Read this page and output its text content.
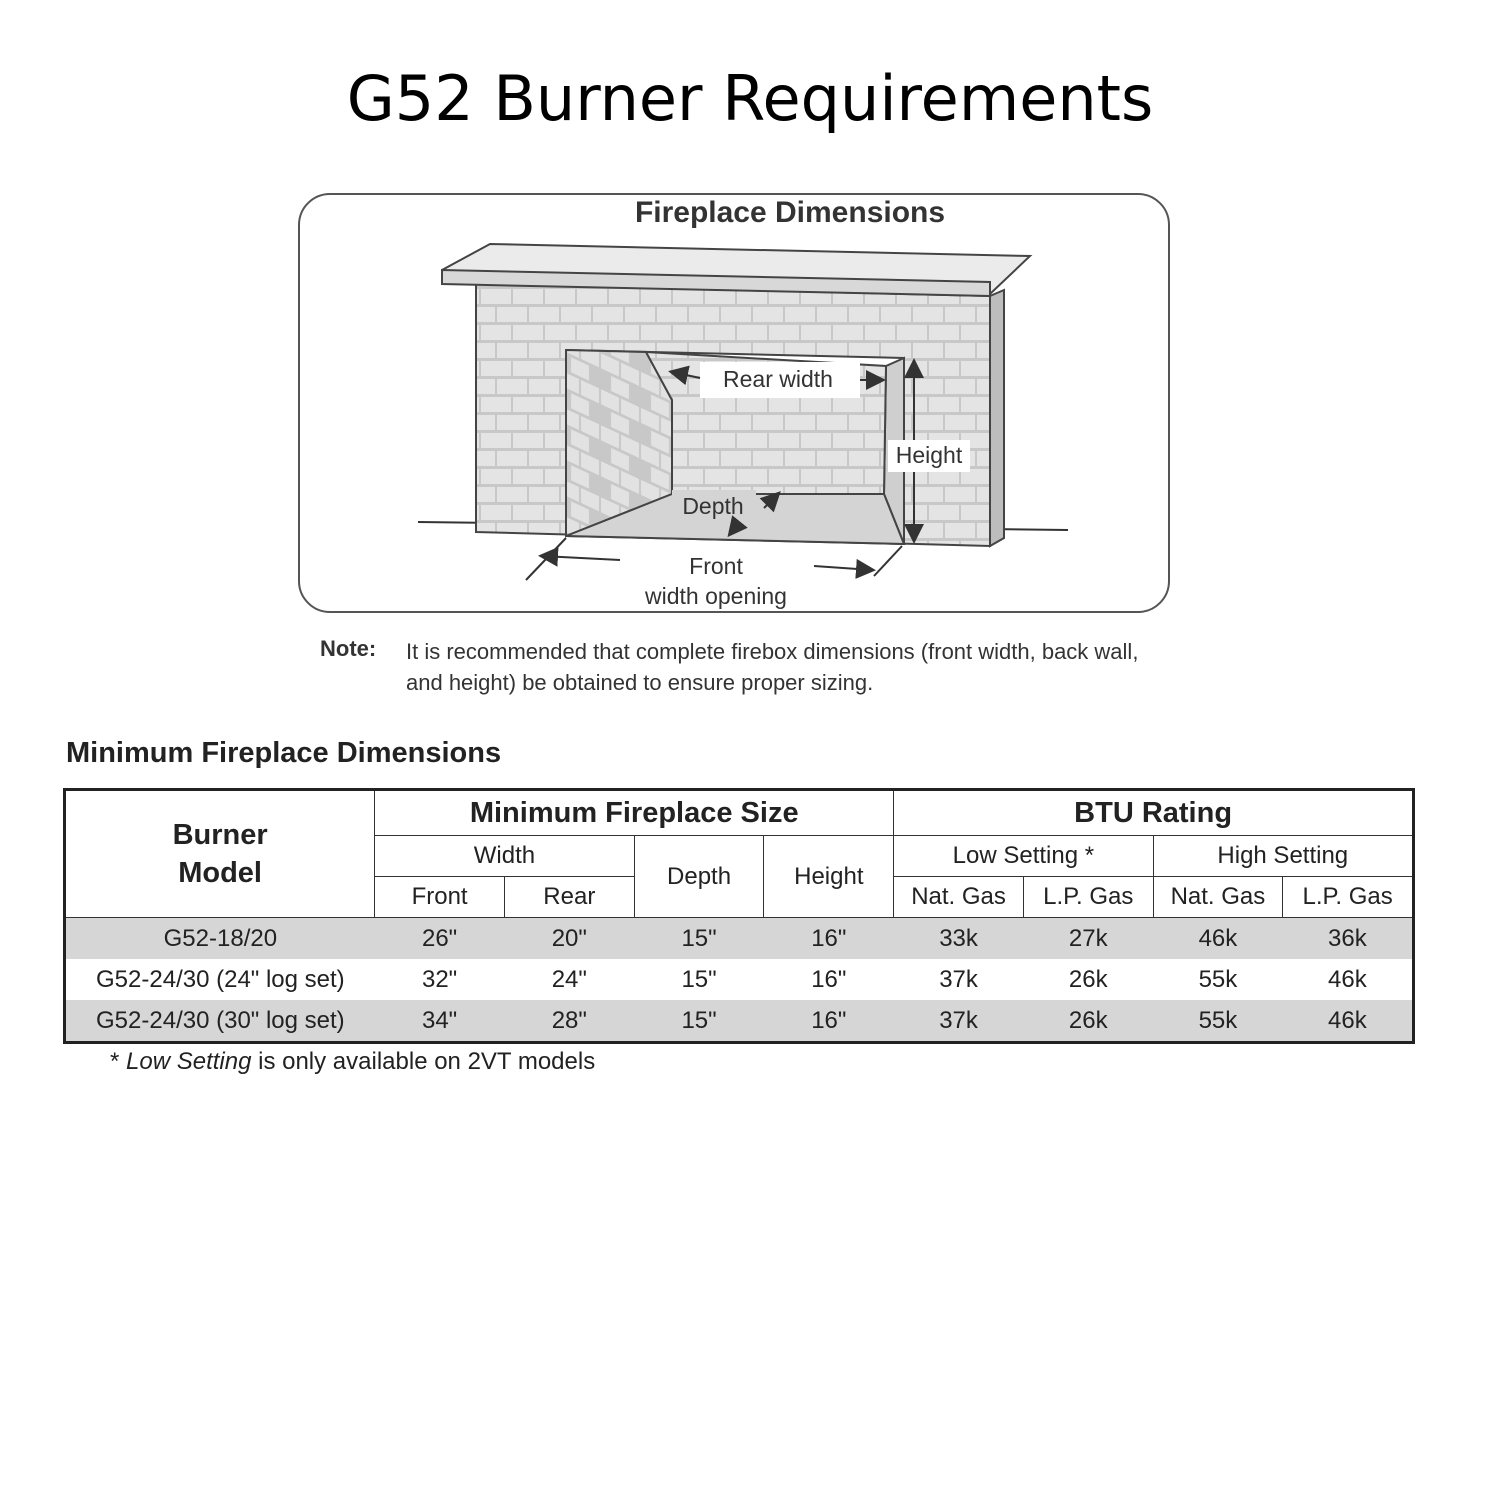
G52 Burner Requirements
Rear width
Height
Depth
Front
width opening
Fireplace Dimensions
Note: It is recommended that complete firebox dimensions (front width, back wall, and height) be obtained to ensure proper sizing.
Minimum Fireplace Dimensions
Burner
Model	Minimum Fireplace Size				BTU Rating			
	Width		Depth	Height	Low Setting *		High Setting	
	Front	Rear			Nat. Gas	L.P. Gas	Nat. Gas	L.P. Gas
G52-18/20	26"	20"	15"	16"	33k	27k	46k	36k
G52-24/30 (24" log set)	32"	24"	15"	16"	37k	26k	55k	46k
G52-24/30 (30" log set)	34"	28"	15"	16"	37k	26k	55k	46k
* Low Setting is only available on 2VT models
